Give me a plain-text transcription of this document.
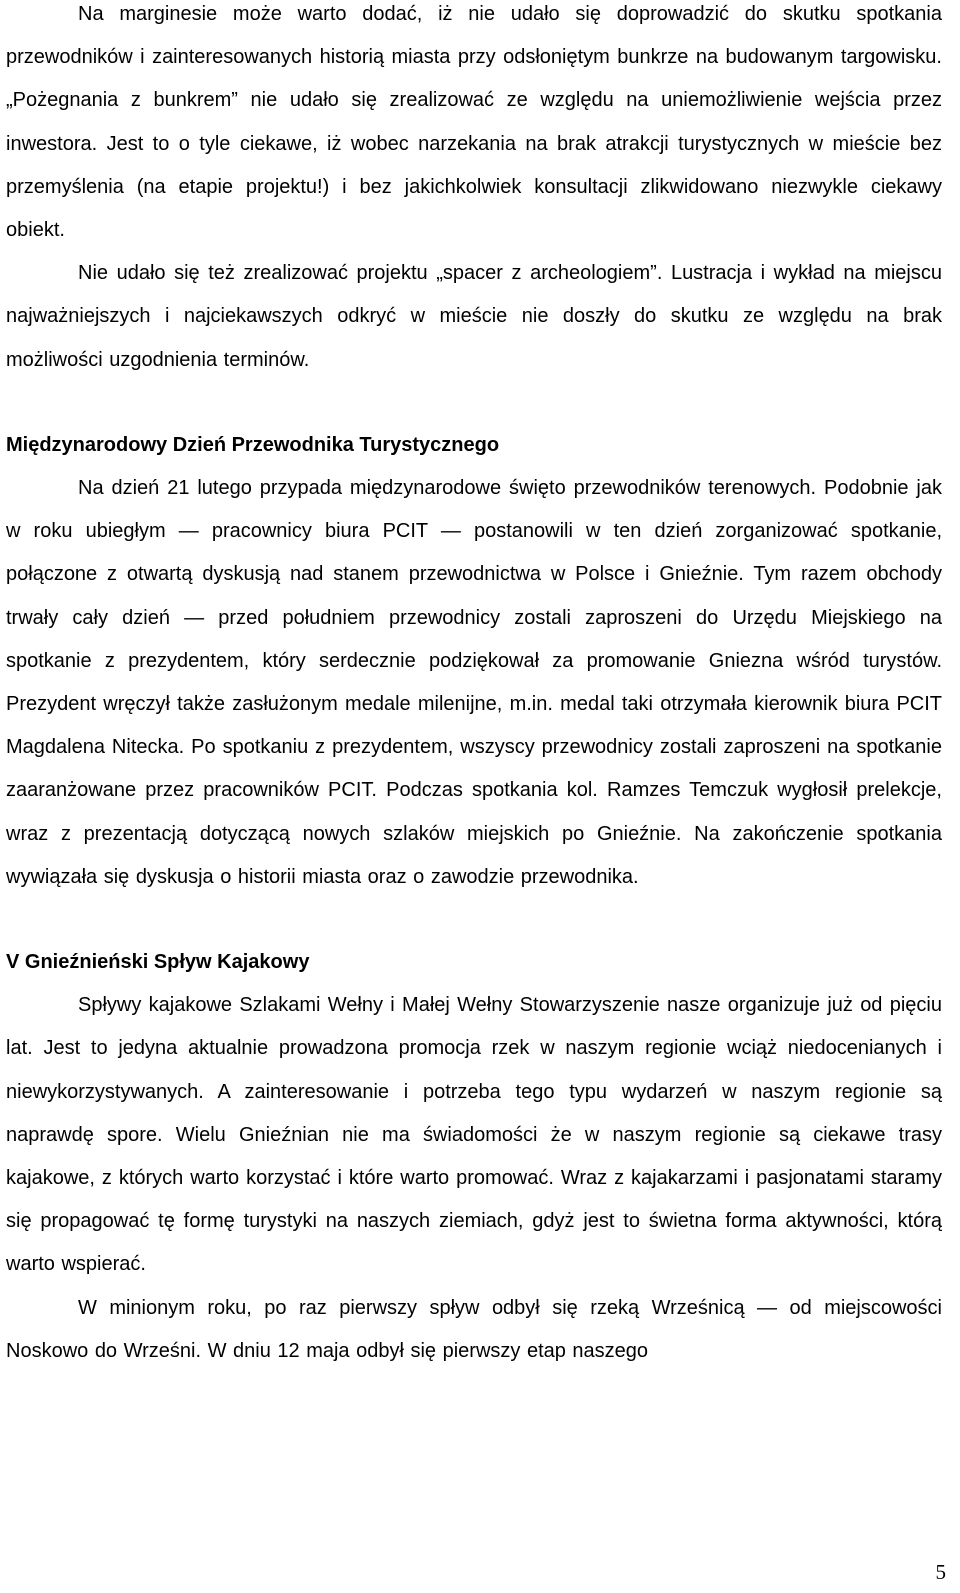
Na marginesie może warto dodać, iż nie udało się doprowadzić do skutku spotkania przewodników i zainteresowanych historią miasta przy odsłoniętym bunkrze na budowanym targowisku. „Pożegnania z bunkrem” nie udało się zrealizować ze względu na uniemożliwienie wejścia przez inwestora. Jest to o tyle ciekawe, iż wobec narzekania na brak atrakcji turystycznych w mieście bez przemyślenia (na etapie projektu!) i bez jakichkolwiek konsultacji zlikwidowano niezwykle ciekawy obiekt.

Nie udało się też zrealizować projektu „spacer z archeologiem”. Lustracja i wykład na miejscu najważniejszych i najciekawszych odkryć w mieście nie doszły do skutku ze względu na brak możliwości uzgodnienia terminów.

Międzynarodowy Dzień Przewodnika Turystycznego

Na dzień 21 lutego przypada międzynarodowe święto przewodników terenowych. Podobnie jak w roku ubiegłym — pracownicy biura PCIT — postanowili w ten dzień zorganizować spotkanie, połączone z otwartą dyskusją nad stanem przewodnictwa w Polsce i Gnieźnie. Tym razem obchody trwały cały dzień — przed południem przewodnicy zostali zaproszeni do Urzędu Miejskiego na spotkanie z prezydentem, który serdecznie podziękował za promowanie Gniezna wśród turystów. Prezydent wręczył także zasłużonym medale milenijne, m.in. medal taki otrzymała kierownik biura PCIT Magdalena Nitecka. Po spotkaniu z prezydentem, wszyscy przewodnicy zostali zaproszeni na spotkanie zaaranżowane przez pracowników PCIT. Podczas spotkania kol. Ramzes Temczuk wygłosił prelekcje, wraz z prezentacją dotyczącą nowych szlaków miejskich po Gnieźnie. Na zakończenie spotkania wywiązała się dyskusja o historii miasta oraz o zawodzie przewodnika.

V Gnieźnieński Spływ Kajakowy

Spływy kajakowe Szlakami Wełny i Małej Wełny Stowarzyszenie nasze organizuje już od pięciu lat. Jest to jedyna aktualnie prowadzona promocja rzek w naszym regionie wciąż niedocenianych i niewykorzystywanych. A zainteresowanie i potrzeba tego typu wydarzeń w naszym regionie są naprawdę spore. Wielu Gnieźnian nie ma świadomości że w naszym regionie są ciekawe trasy kajakowe, z których warto korzystać i które warto promować. Wraz z kajakarzami i pasjonatami staramy się propagować tę formę turystyki na naszych ziemiach, gdyż jest to świetna forma aktywności, którą warto wspierać.

W minionym roku, po raz pierwszy spływ odbył się rzeką Wrześnicą — od miejscowości Noskowo do Wrześni. W dniu 12 maja odbył się pierwszy etap naszego

5
